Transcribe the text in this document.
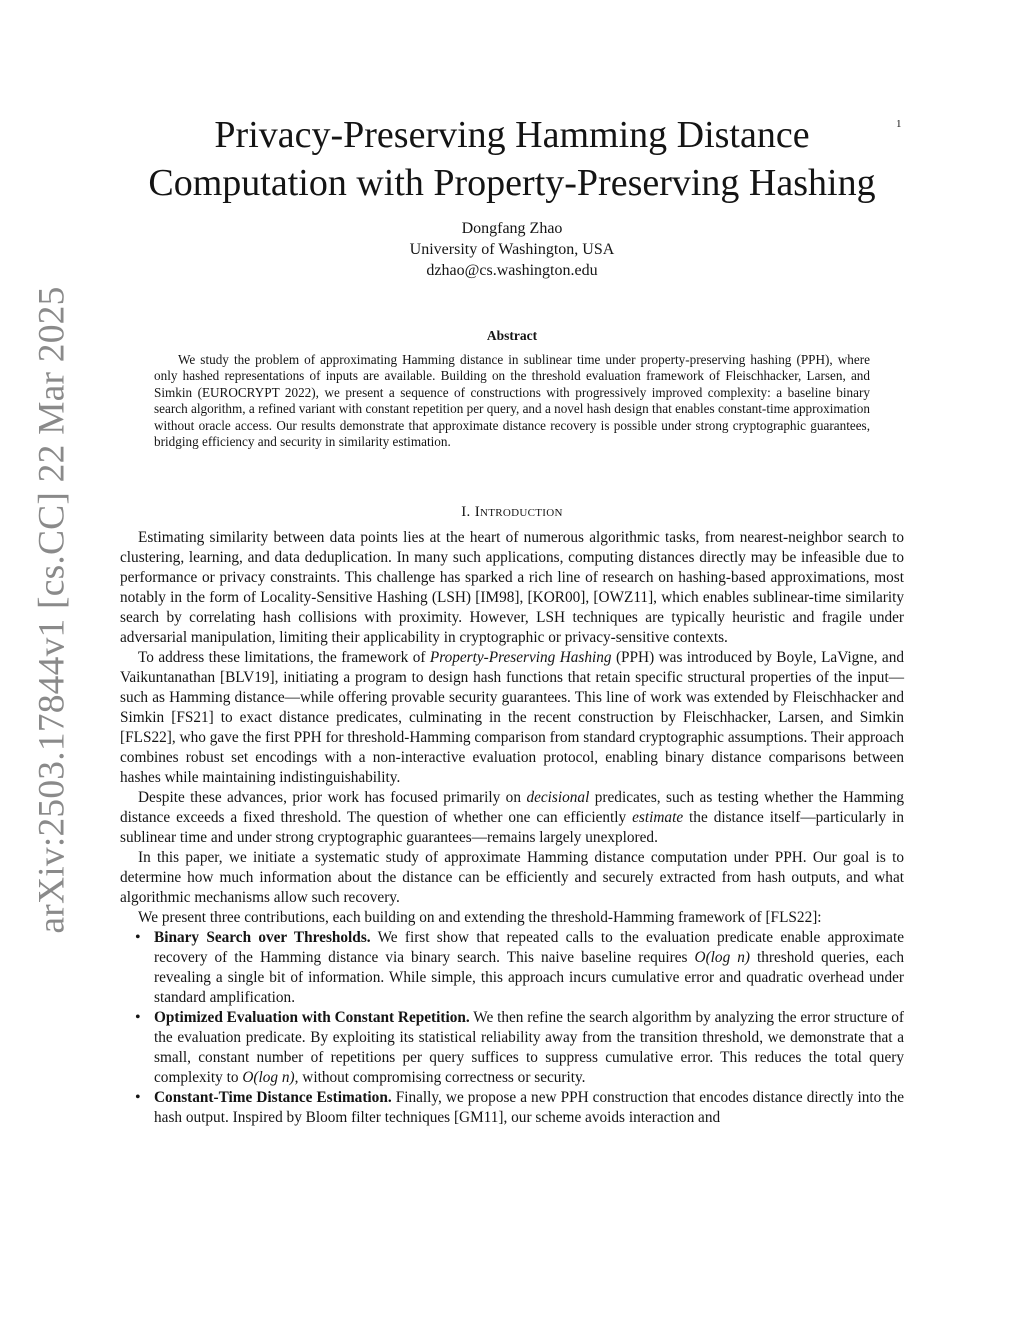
1
arXiv:2503.17844v1 [cs.CC] 22 Mar 2025
Privacy-Preserving Hamming Distance
Computation with Property-Preserving Hashing
Dongfang Zhao
University of Washington, USA
dzhao@cs.washington.edu
Abstract
We study the problem of approximating Hamming distance in sublinear time under property-preserving hashing (PPH), where only hashed representations of inputs are available. Building on the threshold evaluation framework of Fleischhacker, Larsen, and Simkin (EUROCRYPT 2022), we present a sequence of constructions with progressively improved complexity: a baseline binary search algorithm, a refined variant with constant repetition per query, and a novel hash design that enables constant-time approximation without oracle access. Our results demonstrate that approximate distance recovery is possible under strong cryptographic guarantees, bridging efficiency and security in similarity estimation.
I. Introduction

Estimating similarity between data points lies at the heart of numerous algorithmic tasks, from nearest-neighbor search to clustering, learning, and data deduplication. In many such applications, computing distances directly may be infeasible due to performance or privacy constraints. This challenge has sparked a rich line of research on hashing-based approximations, most notably in the form of Locality-Sensitive Hashing (LSH) [IM98], [KOR00], [OWZ11], which enables sublinear-time similarity search by correlating hash collisions with proximity. However, LSH techniques are typically heuristic and fragile under adversarial manipulation, limiting their applicability in cryptographic or privacy-sensitive contexts.

To address these limitations, the framework of Property-Preserving Hashing (PPH) was introduced by Boyle, LaVigne, and Vaikuntanathan [BLV19], initiating a program to design hash functions that retain specific structural properties of the input—such as Hamming distance—while offering provable security guarantees. This line of work was extended by Fleischhacker and Simkin [FS21] to exact distance predicates, culminating in the recent construction by Fleischhacker, Larsen, and Simkin [FLS22], who gave the first PPH for threshold-Hamming comparison from standard cryptographic assumptions. Their approach combines robust set encodings with a non-interactive evaluation protocol, enabling binary distance comparisons between hashes while maintaining indistinguishability.

Despite these advances, prior work has focused primarily on decisional predicates, such as testing whether the Hamming distance exceeds a fixed threshold. The question of whether one can efficiently estimate the distance itself—particularly in sublinear time and under strong cryptographic guarantees—remains largely unexplored.

In this paper, we initiate a systematic study of approximate Hamming distance computation under PPH. Our goal is to determine how much information about the distance can be efficiently and securely extracted from hash outputs, and what algorithmic mechanisms allow such recovery.

We present three contributions, each building on and extending the threshold-Hamming framework of [FLS22]:

• Binary Search over Thresholds. We first show that repeated calls to the evaluation predicate enable approximate recovery of the Hamming distance via binary search. This naive baseline requires O(log n) threshold queries, each revealing a single bit of information. While simple, this approach incurs cumulative error and quadratic overhead under standard amplification.
• Optimized Evaluation with Constant Repetition. We then refine the search algorithm by analyzing the error structure of the evaluation predicate. By exploiting its statistical reliability away from the transition threshold, we demonstrate that a small, constant number of repetitions per query suffices to suppress cumulative error. This reduces the total query complexity to O(log n), without compromising correctness or security.
• Constant-Time Distance Estimation. Finally, we propose a new PPH construction that encodes distance directly into the hash output. Inspired by Bloom filter techniques [GM11], our scheme avoids interaction and
